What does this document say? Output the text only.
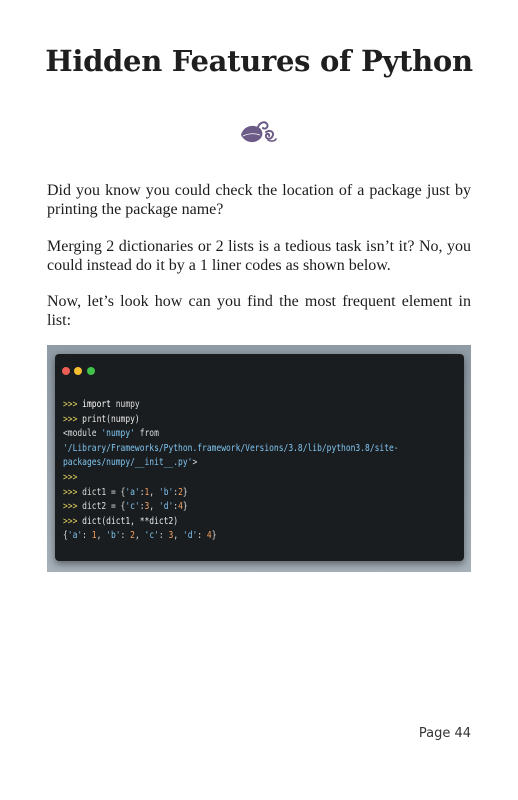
Hidden Features of Python

Did you know you could check the location of a package just by printing the package name?

Merging 2 dictionaries or 2 lists is a tedious task isn’t it? No, you could instead do it by a 1 liner codes as shown below.

Now, let’s look how can you find the most frequent element in list:

>>> import numpy
>>> print(numpy)
<module 'numpy' from
'/Library/Frameworks/Python.framework/Versions/3.8/lib/python3.8/site-
packages/numpy/__init__.py'>
>>>
>>> dict1 = {'a':1, 'b':2}
>>> dict2 = {'c':3, 'd':4}
>>> dict(dict1, **dict2)
{'a': 1, 'b': 2, 'c': 3, 'd': 4}
Page 44
